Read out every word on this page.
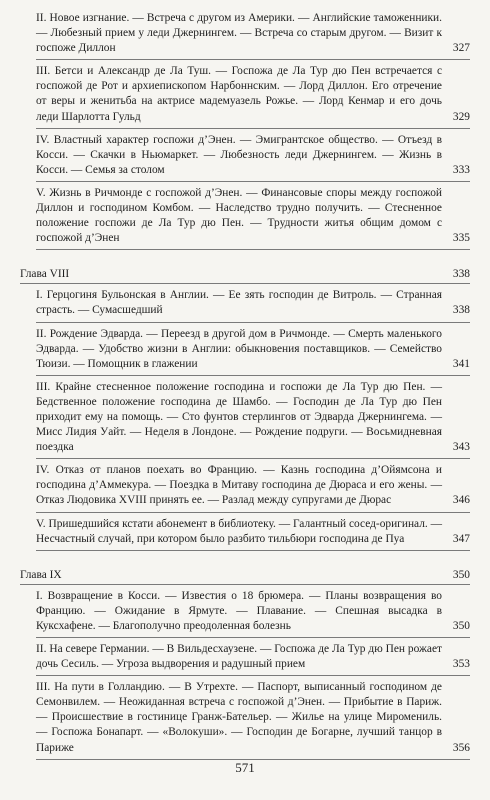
II. Новое изгнание. — Встреча с другом из Америки. — Английские таможенники. — Любезный прием у леди Джернингем. — Встреча со старым другом. — Визит к госпоже Диллон	327
III. Бетси и Александр де Ла Туш. — Госпожа де Ла Тур дю Пен встречается с госпожой де Рот и архиепископом Нарбоннским. — Лорд Диллон. Его отречение от веры и женитьба на актрисе мадемуазель Рожье. — Лорд Кенмар и его дочь леди Шарлотта Гульд	329
IV. Властный характер госпожи д’Энен. — Эмигрантское общество. — Отъезд в Косси. — Скачки в Ньюмаркет. — Любезность леди Джернингем. — Жизнь в Косси. — Семья за столом	333
V. Жизнь в Ричмонде с госпожой д’Энен. — Финансовые споры между госпожой Диллон и господином Комбом. — Наследство трудно получить. — Стесненное положение госпожи де Ла Тур дю Пен. — Трудности житья общим домом с госпожой д’Энен	335
Глава VIII	338
I. Герцогиня Бульонская в Англии. — Ее зять господин де Витроль. — Странная страсть. — Сумасшедший	338
II. Рождение Эдварда. — Переезд в другой дом в Ричмонде. — Смерть маленького Эдварда. — Удобство жизни в Англии: обыкновения поставщиков. — Семейство Тюизи. — Помощник в глажении	341
III. Крайне стесненное положение господина и госпожи де Ла Тур дю Пен. — Бедственное положение господина де Шамбо. — Господин де Ла Тур дю Пен приходит ему на помощь. — Сто фунтов стерлингов от Эдварда Джернингема. — Мисс Лидия Уайт. — Неделя в Лондоне. — Рождение подруги. — Восьмидневная поездка	343
IV. Отказ от планов поехать во Францию. — Казнь господина д’Ойямсона и господина д’Аммекура. — Поездка в Митаву господина де Дюраса и его жены. — Отказ Людовика XVIII принять ее. — Разлад между супругами де Дюрас	346
V. Пришедшийся кстати абонемент в библиотеку. — Галантный сосед-оригинал. — Несчастный случай, при котором было разбито тильбюри господина де Пуа	347
Глава IX	350
I. Возвращение в Косси. — Известия о 18 брюмера. — Планы возвращения во Францию. — Ожидание в Ярмуте. — Плавание. — Спешная высадка в Куксхафене. — Благополучно преодоленная болезнь	350
II. На севере Германии. — В Вильдесхаузене. — Госпожа де Ла Тур дю Пен рожает дочь Сесиль. — Угроза выдворения и радушный прием	353
III. На пути в Голландию. — В Утрехте. — Паспорт, выписанный господином де Семонвилем. — Неожиданная встреча с госпожой д’Энен. — Прибытие в Париж. — Происшествие в гостинице Гранж-Бательер. — Жилье на улице Миромениль. — Госпожа Бонапарт. — «Волокуши». — Господин де Богарне, лучший танцор в Париже	356
571
